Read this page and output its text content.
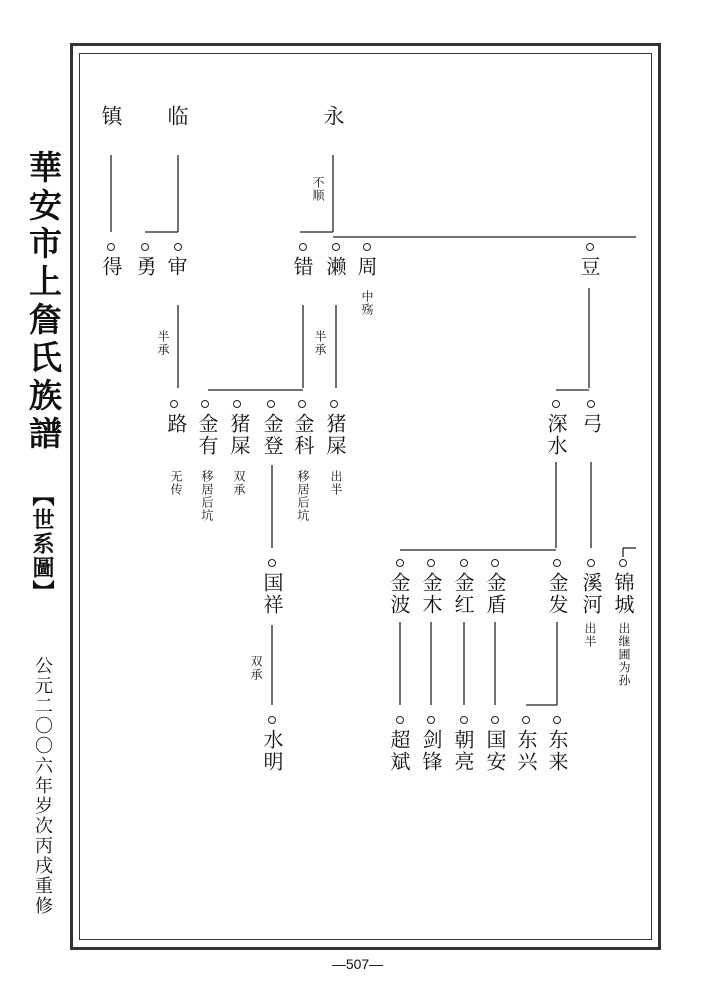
華安市上詹氏族譜
【世系圖】
公元二〇〇六年岁次丙戌重修
镇 临	永
不顺
得 勇 审	错 濑 周
中殇
豆
半承	半承
路
无传
金有
移居后坑
猪屎
双承
金登 金科
移居后坑
猪屎
出半
深水 弓
国祥
双承
金波 金木 金红 金盾 金发 溪河
出半
锦城
出继圃为孙
水明	超斌 剑锋 朝亮 国安 东兴 东来
—507—
